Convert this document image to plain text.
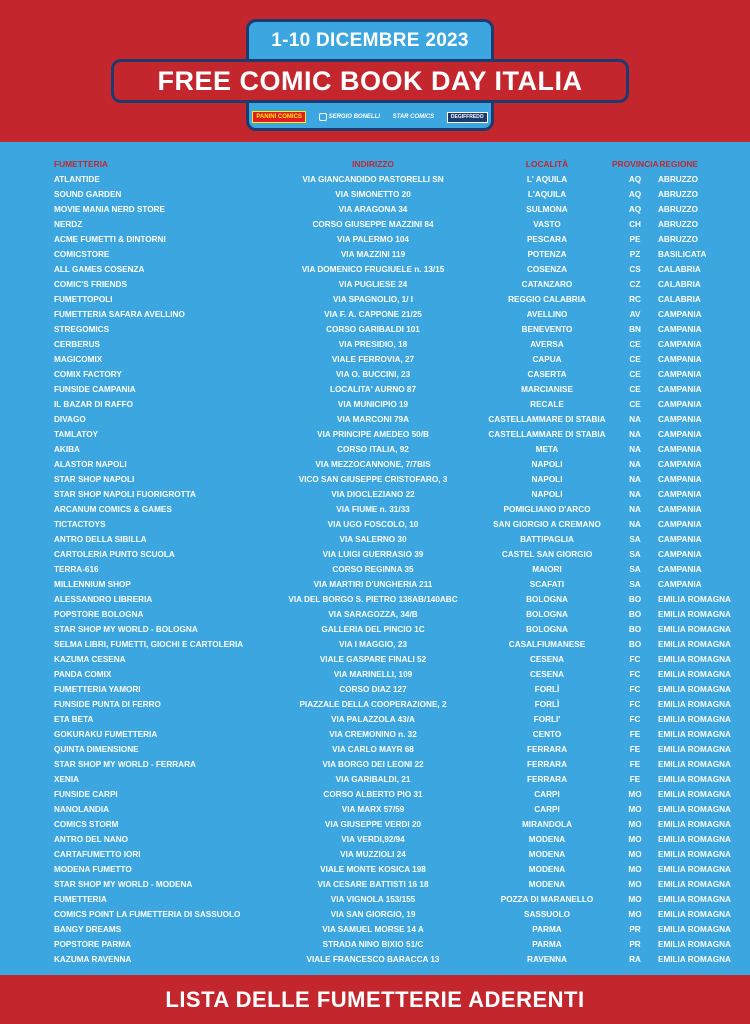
1-10 DICEMBRE 2023
FREE COMIC BOOK DAY ITALIA
PANINI COMICS	SERGIO BONELLI STAR COMICS	DEGIFFREDO
FUMETTERIA	INDIRIZZO	LOCALITÀ	PROVINCIA	REGIONE
ATLANTIDE	VIA GIANCANDIDO PASTORELLI SN	L' AQUILA	AQ	ABRUZZO
SOUND GARDEN	VIA SIMONETTO 20	L'AQUILA	AQ	ABRUZZO
MOVIE MANIA NERD STORE	VIA ARAGONA 34	SULMONA	AQ	ABRUZZO
NERDZ	CORSO GIUSEPPE MAZZINI 84	VASTO	CH	ABRUZZO
ACME FUMETTI & DINTORNI	VIA PALERMO 104	PESCARA	PE	ABRUZZO
COMICSTORE	VIA MAZZINI 119	POTENZA	PZ	BASILICATA
ALL GAMES COSENZA	VIA DOMENICO FRUGIUELE n. 13/15	COSENZA	CS	CALABRIA
COMIC'S FRIENDS	VIA PUGLIESE 24	CATANZARO	CZ	CALABRIA
FUMETTOPOLI	VIA SPAGNOLIO, 1/ I	REGGIO CALABRIA	RC	CALABRIA
FUMETTERIA SAFARA AVELLINO	VIA F. A. CAPPONE 21/25	AVELLINO	AV	CAMPANIA
STREGOMICS	CORSO GARIBALDI 101	BENEVENTO	BN	CAMPANIA
CERBERUS	VIA PRESIDIO, 18	AVERSA	CE	CAMPANIA
MAGICOMIX	VIALE FERROVIA, 27	CAPUA	CE	CAMPANIA
COMIX FACTORY	VIA O. BUCCINI, 23	CASERTA	CE	CAMPANIA
FUNSIDE CAMPANIA	LOCALITA' AURNO 87	MARCIANISE	CE	CAMPANIA
IL BAZAR DI RAFFO	VIA MUNICIPIO 19	RECALE	CE	CAMPANIA
DIVAGO	VIA MARCONI 79A	CASTELLAMMARE DI STABIA	NA	CAMPANIA
TAMLATOY	VIA PRINCIPE AMEDEO 50/B	CASTELLAMMARE DI STABIA	NA	CAMPANIA
AKIBA	CORSO ITALIA, 92	META	NA	CAMPANIA
ALASTOR NAPOLI	VIA MEZZOCANNONE, 7/7BIS	NAPOLI	NA	CAMPANIA
STAR SHOP NAPOLI	VICO SAN GIUSEPPE CRISTOFARO, 3	NAPOLI	NA	CAMPANIA
STAR SHOP NAPOLI FUORIGROTTA	VIA DIOCLEZIANO 22	NAPOLI	NA	CAMPANIA
ARCANUM COMICS & GAMES	VIA FIUME n. 31/33	POMIGLIANO D'ARCO	NA	CAMPANIA
TICTACTOYS	VIA UGO FOSCOLO, 10	SAN GIORGIO A CREMANO	NA	CAMPANIA
ANTRO DELLA SIBILLA	VIA SALERNO 30	BATTIPAGLIA	SA	CAMPANIA
CARTOLERIA PUNTO SCUOLA	VIA LUIGI GUERRASIO 39	CASTEL SAN GIORGIO	SA	CAMPANIA
TERRA-616	CORSO REGINNA 35	MAIORI	SA	CAMPANIA
MILLENNIUM SHOP	VIA MARTIRI D'UNGHERIA 211	SCAFATI	SA	CAMPANIA
ALESSANDRO LIBRERIA	VIA DEL BORGO S. PIETRO 138AB/140ABC	BOLOGNA	BO	EMILIA ROMAGNA
POPSTORE BOLOGNA	VIA SARAGOZZA, 34/B	BOLOGNA	BO	EMILIA ROMAGNA
STAR SHOP MY WORLD - BOLOGNA	GALLERIA DEL PINCIO 1C	BOLOGNA	BO	EMILIA ROMAGNA
SELMA LIBRI, FUMETTI, GIOCHI E CARTOLERIA	VIA I MAGGIO, 23	CASALFIUMANESE	BO	EMILIA ROMAGNA
KAZUMA CESENA	VIALE GASPARE FINALI 52	CESENA	FC	EMILIA ROMAGNA
PANDA COMIX	VIA MARINELLI, 109	CESENA	FC	EMILIA ROMAGNA
FUMETTERIA YAMORI	CORSO DIAZ 127	FORLÌ	FC	EMILIA ROMAGNA
FUNSIDE PUNTA DI FERRO	PIAZZALE DELLA COOPERAZIONE, 2	FORLÌ	FC	EMILIA ROMAGNA
ETA BETA	VIA PALAZZOLA 43/A	FORLI'	FC	EMILIA ROMAGNA
GOKURAKU FUMETTERIA	VIA CREMONINO n. 32	CENTO	FE	EMILIA ROMAGNA
QUINTA DIMENSIONE	VIA CARLO MAYR 68	FERRARA	FE	EMILIA ROMAGNA
STAR SHOP MY WORLD - FERRARA	VIA BORGO DEI LEONI 22	FERRARA	FE	EMILIA ROMAGNA
XENIA	VIA GARIBALDI, 21	FERRARA	FE	EMILIA ROMAGNA
FUNSIDE CARPI	CORSO ALBERTO PIO 31	CARPI	MO	EMILIA ROMAGNA
NANOLANDIA	VIA MARX 57/59	CARPI	MO	EMILIA ROMAGNA
COMICS STORM	VIA GIUSEPPE VERDI 20	MIRANDOLA	MO	EMILIA ROMAGNA
ANTRO DEL NANO	VIA VERDI,92/94	MODENA	MO	EMILIA ROMAGNA
CARTAFUMETTO IORI	VIA MUZZIOLI 24	MODENA	MO	EMILIA ROMAGNA
MODENA FUMETTO	VIALE MONTE KOSICA 198	MODENA	MO	EMILIA ROMAGNA
STAR SHOP MY WORLD - MODENA	VIA CESARE BATTISTI 16 18	MODENA	MO	EMILIA ROMAGNA
FUMETTERIA	VIA VIGNOLA 153/155	POZZA DI MARANELLO	MO	EMILIA ROMAGNA
COMICS POINT LA FUMETTERIA DI SASSUOLO	VIA SAN GIORGIO, 19	SASSUOLO	MO	EMILIA ROMAGNA
BANGY DREAMS	VIA SAMUEL MORSE 14 A	PARMA	PR	EMILIA ROMAGNA
POPSTORE PARMA	STRADA NINO BIXIO 51/C	PARMA	PR	EMILIA ROMAGNA
KAZUMA RAVENNA	VIALE FRANCESCO BARACCA 13	RAVENNA	RA	EMILIA ROMAGNA
LISTA DELLE FUMETTERIE ADERENTI
